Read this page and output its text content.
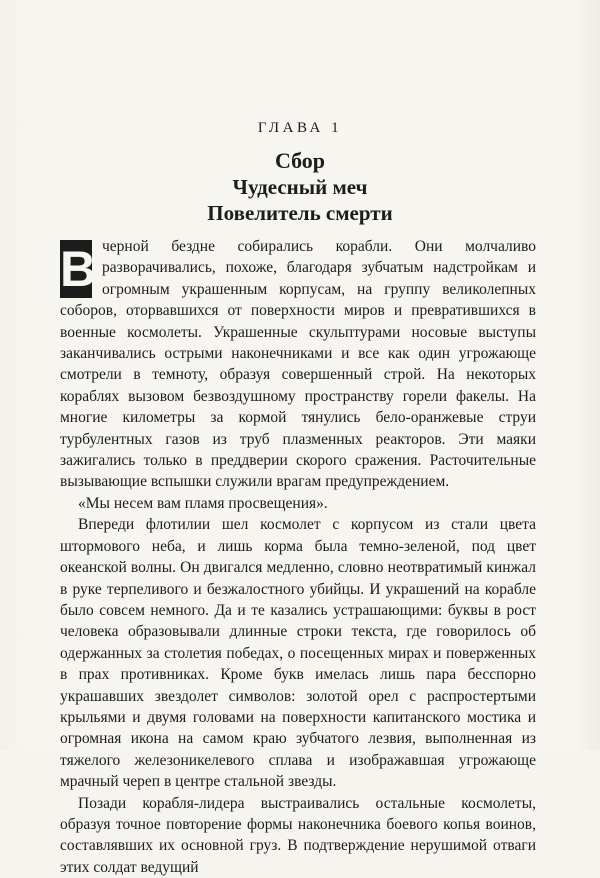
ГЛАВА 1
Сбор
Чудесный меч
Повелитель смерти

В черной бездне собирались корабли. Они молчаливо разворачивались, похоже, благодаря зубчатым надстройкам и огромным украшенным корпусам, на группу великолепных соборов, оторвавшихся от поверхности миров и превратившихся в военные космолеты. Украшенные скульптурами носовые выступы заканчивались острыми наконечниками и все как один угрожающе смотрели в темноту, образуя совершенный строй. На некоторых кораблях вызовом безвоздушному пространству горели факелы. На многие километры за кормой тянулись бело-оранжевые струи турбулентных газов из труб плазменных реакторов. Эти маяки зажигались только в преддверии скорого сражения. Расточительные вызывающие вспышки служили врагам предупреждением.

«Мы несем вам пламя просвещения».

Впереди флотилии шел космолет с корпусом из стали цвета штормового неба, и лишь корма была темно-зеленой, под цвет океанской волны. Он двигался медленно, словно неотвратимый кинжал в руке терпеливого и безжалостного убийцы. И украшений на корабле было совсем немного. Да и те казались устрашающими: буквы в рост человека образовывали длинные строки текста, где говорилось об одержанных за столетия победах, о посещенных мирах и поверженных в прах противниках. Кроме букв имелась лишь пара бесспорно украшавших звездолет символов: золотой орел с распростертыми крыльями и двумя головами на поверхности капитанского мостика и огромная икона на самом краю зубчатого лезвия, выполненная из тяжелого железоникелевого сплава и изображавшая угрожающе мрачный череп в центре стальной звезды.

Позади корабля-лидера выстраивались остальные космолеты, образуя точное повторение формы наконечника боевого копья воинов, составлявших их основной груз. В подтверждение нерушимой отваги этих солдат ведущий
